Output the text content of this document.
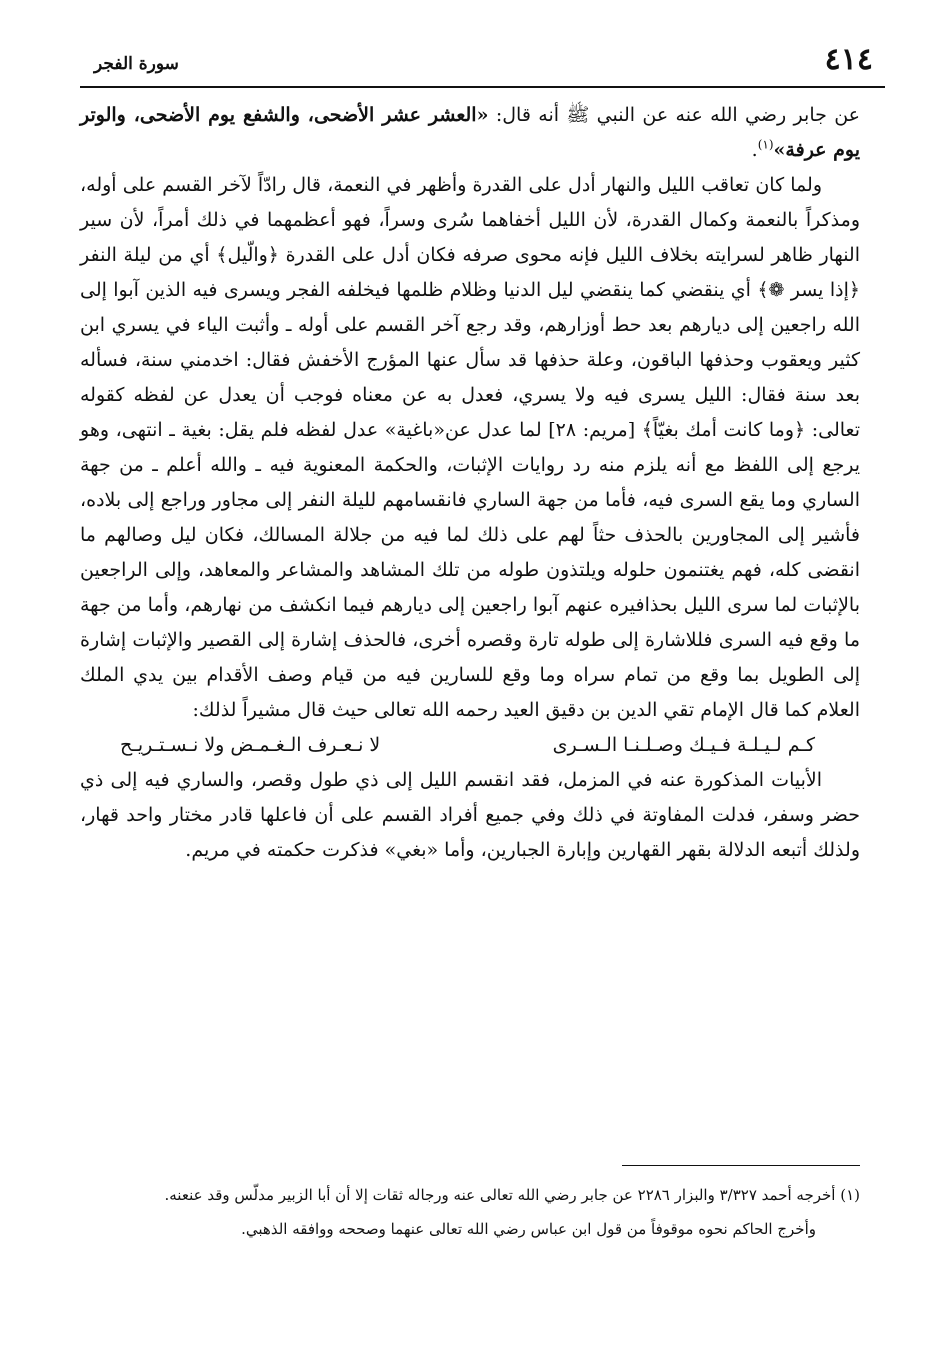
٤١٤
سورة الفجر

عن جابر رضي الله عنه عن النبي ﷺ أنه قال: «العشر عشر الأضحى، والشفع يوم الأضحى، والوتر يوم عرفة»$^{(١)}$.

ولما كان تعاقب الليل والنهار أدل على القدرة وأظهر في النعمة، قال رادّاً لآخر القسم على أوله، ومذكراً بالنعمة وكمال القدرة، لأن الليل أخفاهما سُرى وسراً، فهو أعظمهما في ذلك أمراً، لأن سير النهار ظاهر لسرايته بخلاف الليل فإنه محوى صرفه فكان أدل على القدرة ﴿والّيل﴾ أي من ليلة النفر ﴿إذا يسر ❁﴾ أي ينقضي كما ينقضي ليل الدنيا وظلام ظلمها فيخلفه الفجر ويسرى فيه الذين آبوا إلى الله راجعين إلى ديارهم بعد حط أوزارهم، وقد رجع آخر القسم على أوله ـ وأثبت الياء في يسري ابن كثير ويعقوب وحذفها الباقون، وعلة حذفها قد سأل عنها المؤرج الأخفش فقال: اخدمني سنة، فسأله بعد سنة فقال: الليل يسرى فيه ولا يسري، فعدل به عن معناه فوجب أن يعدل عن لفظه كقوله تعالى: ﴿وما كانت أمك بغيّاً﴾ [مريم: ٢٨] لما عدل عن«باغية» عدل لفظه فلم يقل: بغية ـ انتهى، وهو يرجع إلى اللفظ مع أنه يلزم منه رد روايات الإثبات، والحكمة المعنوية فيه ـ والله أعلم ـ من جهة الساري وما يقع السرى فيه، فأما من جهة الساري فانقسامهم لليلة النفر إلى مجاور وراجع إلى بلاده، فأشير إلى المجاورين بالحذف حثاً لهم على ذلك لما فيه من جلالة المسالك، فكان ليل وصالهم ما انقضى كله، فهم يغتنمون حلوله ويلتذون طوله من تلك المشاهد والمشاعر والمعاهد، وإلى الراجعين بالإثبات لما سرى الليل بحذافيره عنهم آبوا راجعين إلى ديارهم فيما انكشف من نهارهم، وأما من جهة ما وقع فيه السرى فللاشارة إلى طوله تارة وقصره أخرى، فالحذف إشارة إلى القصير والإثبات إشارة إلى الطويل بما وقع من تمام سراه وما وقع للسارين فيه من قيام وصف الأقدام بين يدي الملك العلام كما قال الإمام تقي الدين بن دقيق العيد رحمه الله تعالى حيث قال مشيراً لذلك:

كـم لـيـلـة فـيـك وصـلـنـا الـسـرى
لا نـعـرف الـغـمـض ولا نـسـتـريـح

الأبيات المذكورة عنه في المزمل، فقد انقسم الليل إلى ذي طول وقصر، والساري فيه إلى ذي حضر وسفر، فدلت المفاوتة في ذلك وفي جميع أفراد القسم على أن فاعلها قادر مختار واحد قهار، ولذلك أتبعه الدلالة بقهر القهارين وإبارة الجبارين، وأما «بغي» فذكرت حكمته في مريم.

(١) أخرجه أحمد ٣/٣٢٧ والبزار ٢٢٨٦ عن جابر رضي الله تعالى عنه ورجاله ثقات إلا أن أبا الزبير مدلّس وقد عنعنه.

وأخرج الحاكم نحوه موقوفاً من قول ابن عباس رضي الله تعالى عنهما وصححه ووافقه الذهبي.
